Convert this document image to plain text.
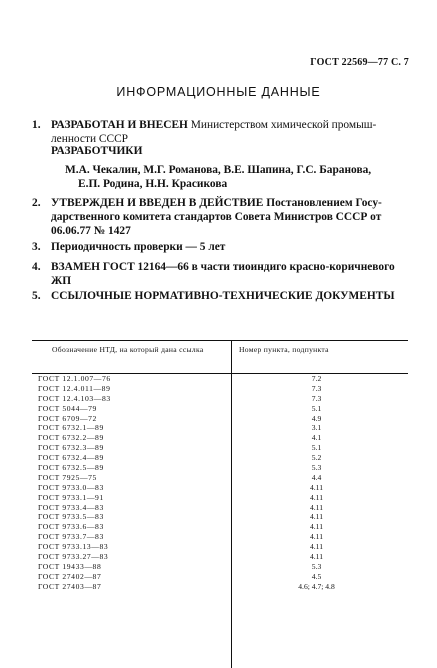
ГОСТ 22569—77 С. 7
ИНФОРМАЦИОННЫЕ ДАННЫЕ
1. РАЗРАБОТАН И ВНЕСЕН Министерством химической промыш-
ленности СССР
РАЗРАБОТЧИКИ
М.А. Чекалин, М.Г. Романова, В.Е. Шапина, Г.С. Баранова,
Е.П. Родина, Н.Н. Красикова
2. УТВЕРЖДЕН И ВВЕДЕН В ДЕЙСТВИЕ Постановлением Госу-
дарственного комитета стандартов Совета Министров СССР от
06.06.77 № 1427
3. Периодичность проверки — 5 лет
4. ВЗАМЕН ГОСТ 12164—66 в части тиоиндиго красно-коричневого
ЖП
5. ССЫЛОЧНЫЕ НОРМАТИВНО-ТЕХНИЧЕСКИЕ ДОКУМЕНТЫ
Обозначение НТД, на который дана ссылка	Номер пункта, подпункта
ГОСТ 12.1.007—76	7.2
ГОСТ 12.4.011—89	7.3
ГОСТ 12.4.103—83	7.3
ГОСТ 5044—79	5.1
ГОСТ 6709—72	4.9
ГОСТ 6732.1—89	3.1
ГОСТ 6732.2—89	4.1
ГОСТ 6732.3—89	5.1
ГОСТ 6732.4—89	5.2
ГОСТ 6732.5—89	5.3
ГОСТ 7925—75	4.4
ГОСТ 9733.0—83	4.11
ГОСТ 9733.1—91	4.11
ГОСТ 9733.4—83	4.11
ГОСТ 9733.5—83	4.11
ГОСТ 9733.6—83	4.11
ГОСТ 9733.7—83	4.11
ГОСТ 9733.13—83	4.11
ГОСТ 9733.27—83	4.11
ГОСТ 19433—88	5.3
ГОСТ 27402—87	4.5
ГОСТ 27403—87	4.6; 4.7; 4.8
